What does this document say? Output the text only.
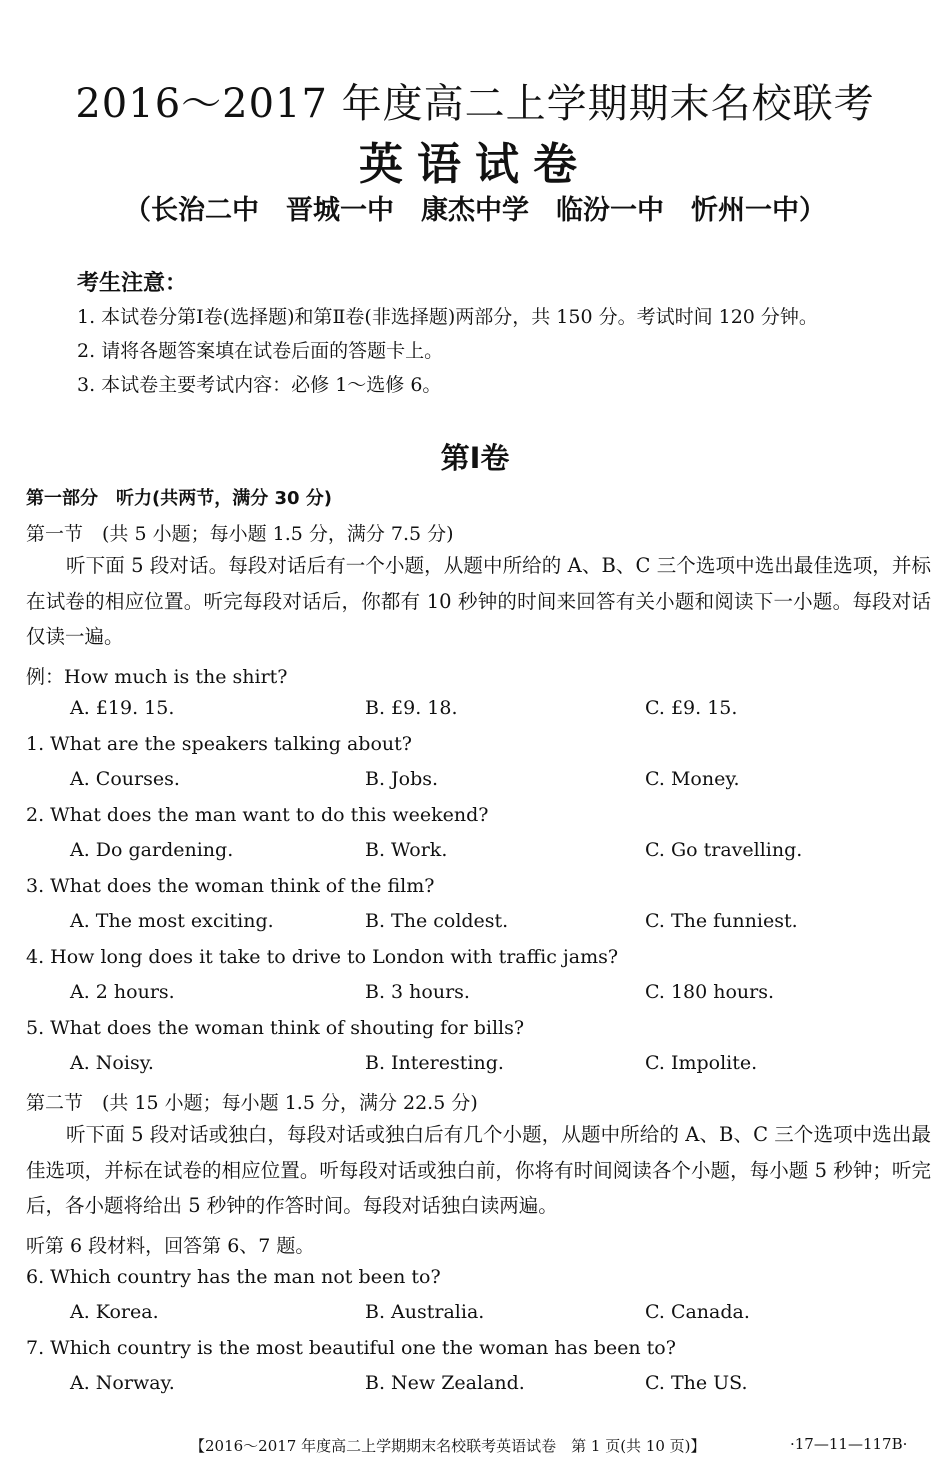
2016～2017 年度高二上学期期末名校联考
英语试卷
（长治二中　晋城一中　康杰中学　临汾一中　忻州一中）
考生注意：
1. 本试卷分第Ⅰ卷(选择题)和第Ⅱ卷(非选择题)两部分，共 150 分。考试时间 120 分钟。
2. 请将各题答案填在试卷后面的答题卡上。
3. 本试卷主要考试内容：必修 1～选修 6。
第Ⅰ卷
第一部分　听力(共两节，满分 30 分)
第一节　(共 5 小题；每小题 1.5 分，满分 7.5 分)
听下面 5 段对话。每段对话后有一个小题，从题中所给的 A、B、C 三个选项中选出最佳选项，并标在试卷的相应位置。听完每段对话后，你都有 10 秒钟的时间来回答有关小题和阅读下一小题。每段对话仅读一遍。
例：How much is the shirt?
A. £19. 15.	B. £9. 18.	C. £9. 15.
1. What are the speakers talking about?
A. Courses.	B. Jobs.	C. Money.
2. What does the man want to do this weekend?
A. Do gardening.	B. Work.	C. Go travelling.
3. What does the woman think of the film?
A. The most exciting.	B. The coldest.	C. The funniest.
4. How long does it take to drive to London with traffic jams?
A. 2 hours.	B. 3 hours.	C. 180 hours.
5. What does the woman think of shouting for bills?
A. Noisy.	B. Interesting.	C. Impolite.
第二节　(共 15 小题；每小题 1.5 分，满分 22.5 分)
听下面 5 段对话或独白，每段对话或独白后有几个小题，从题中所给的 A、B、C 三个选项中选出最佳选项，并标在试卷的相应位置。听每段对话或独白前，你将有时间阅读各个小题，每小题 5 秒钟；听完后，各小题将给出 5 秒钟的作答时间。每段对话独白读两遍。
听第 6 段材料，回答第 6、7 题。
6. Which country has the man not been to?
A. Korea.	B. Australia.	C. Canada.
7. Which country is the most beautiful one the woman has been to?
A. Norway.	B. New Zealand.	C. The US.
【2016～2017 年度高二上学期期末名校联考英语试卷　第 1 页(共 10 页)】	·17—11—117B·
